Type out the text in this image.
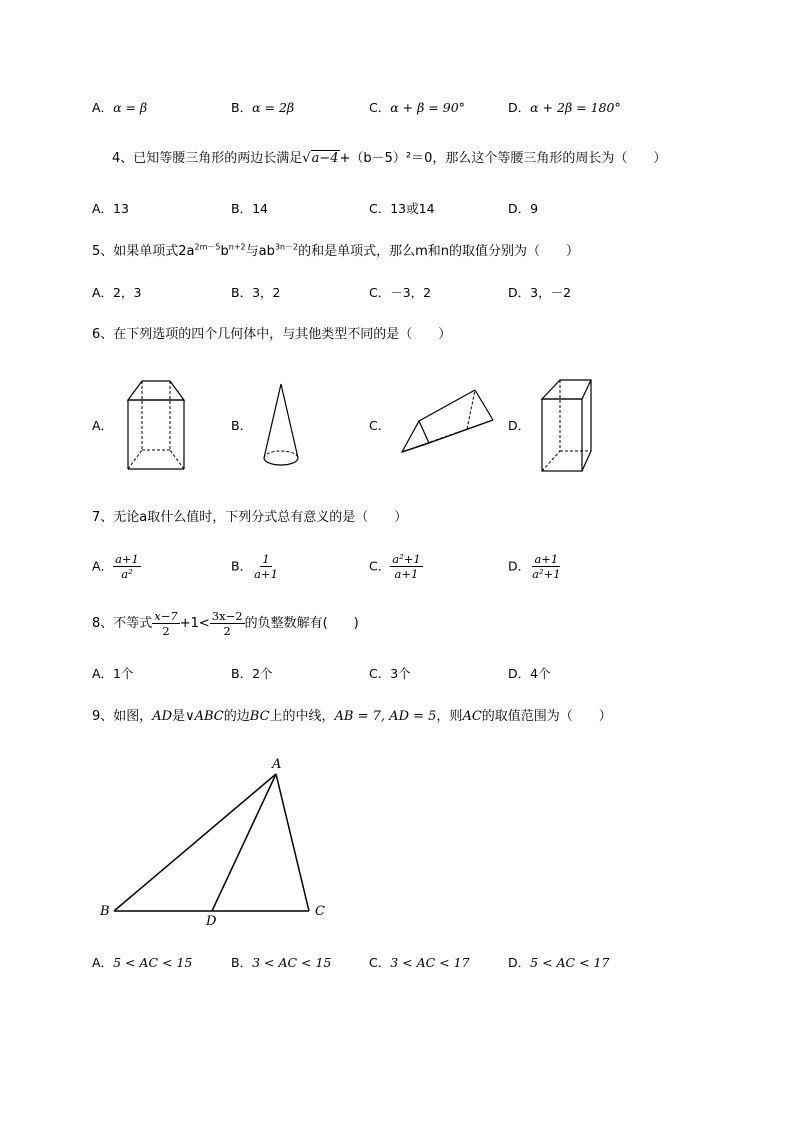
A．α = β	B．α = 2β	C．α + β = 90°	D．α + 2β = 180°
4、已知等腰三角形的两边长满足√a−4+（b－5）²＝0，那么这个等腰三角形的周长为（　　）
A．13	B．14	C．13或14	D．9
5、如果单项式$2a^{2m-5}b^{n+2}$与$ab^{3n-2}$的和是单项式，那么m和n的取值分别为（　　）
A．2，3	B．3，2	C．－3，2	D．3，－2
6、在下列选项的四个几何体中，与其他类型不同的是（　　）
A．	B．	C．	D．
7、无论a取什么值时，下列分式总有意义的是（　　）
A． $\frac{a+1}{\text{a²}}$	B． $\frac{1}{a+1}$	C． $\frac{\text{a²+1}}{a+1}$	D． $\frac{a+1}{\text{a²+1}}$
8、不等式 $\frac{x-7}{2} +1< \frac{3x-2}{2}$ 的负整数解有(　　)
A．1个	B．2个	C．3个	D．4个
9、如图，AD是∨ABC的边BC上的中线，AB = 7, AD = 5，则AC的取值范围为（　　）
A
B	C
D
A．5 < AC < 15	B．3 < AC < 15	C．3 < AC < 17	D．5 < AC < 17
